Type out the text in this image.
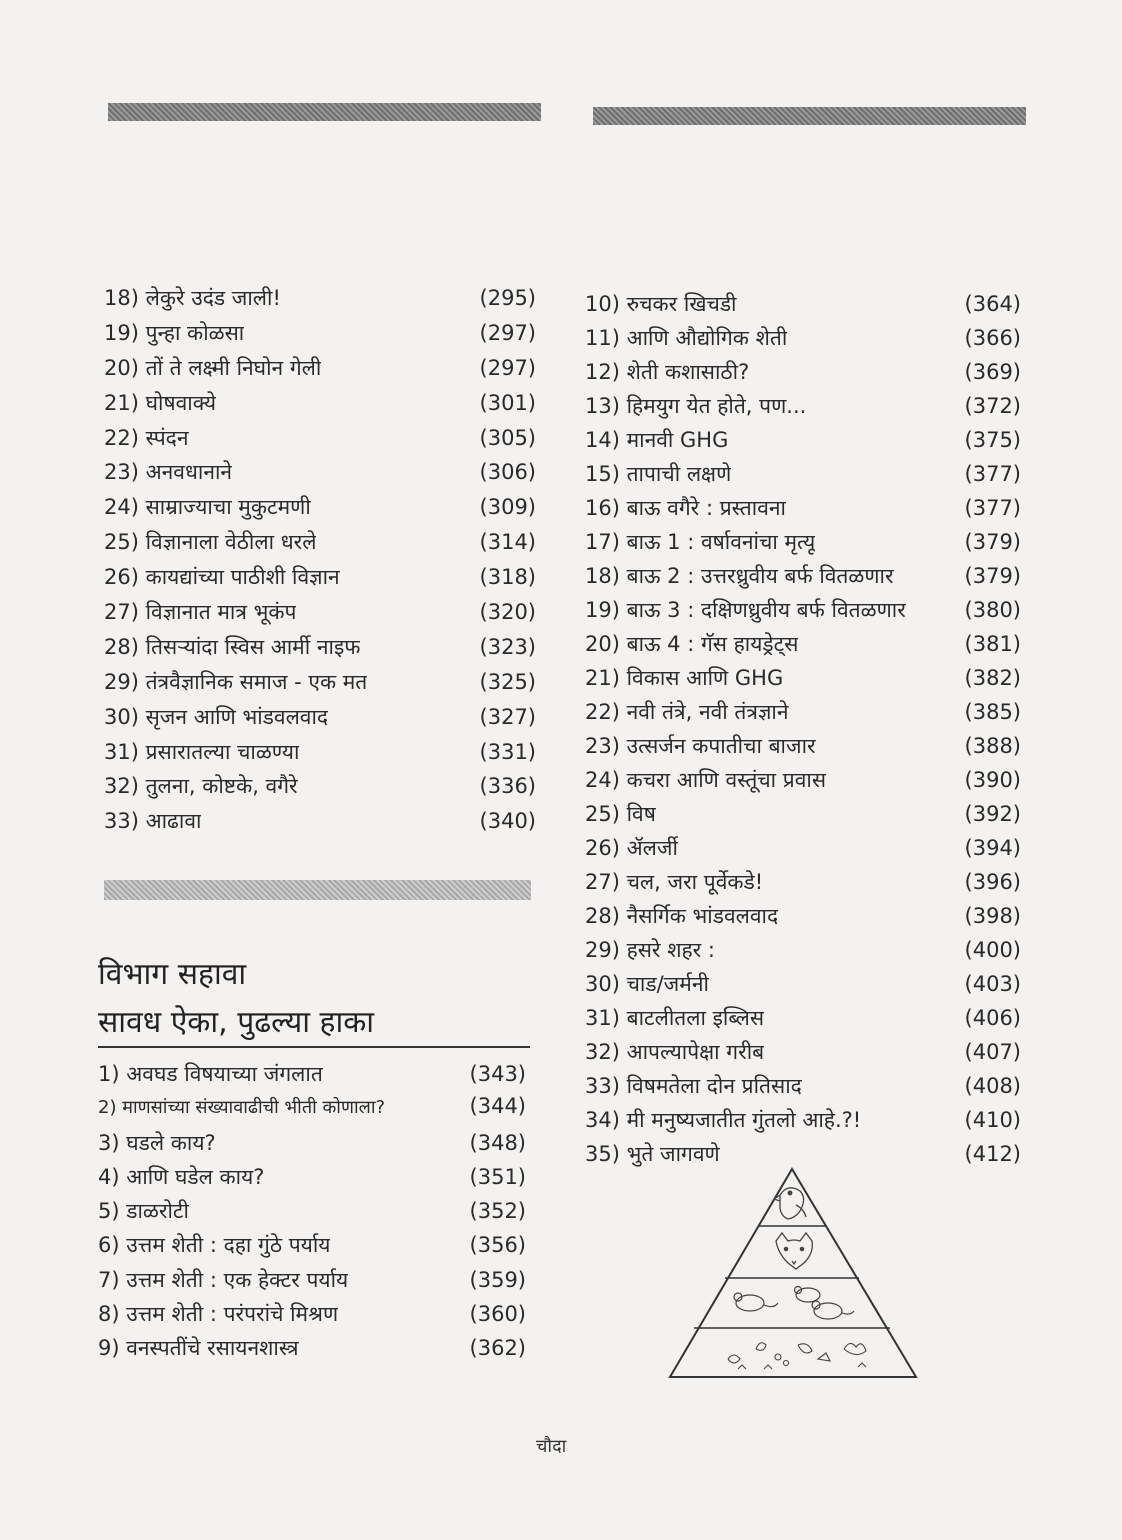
18) लेकुरे उदंड जाली!	(295)
19) पुन्हा कोळसा	(297)
20) तों ते लक्ष्मी निघोन गेली	(297)
21) घोषवाक्ये	(301)
22) स्पंदन	(305)
23) अनवधानाने	(306)
24) साम्राज्याचा मुकुटमणी	(309)
25) विज्ञानाला वेठीला धरले	(314)
26) कायद्यांच्या पाठीशी विज्ञान	(318)
27) विज्ञानात मात्र भूकंप	(320)
28) तिसऱ्यांदा स्विस आर्मी नाइफ	(323)
29) तंत्रवैज्ञानिक समाज - एक मत	(325)
30) सृजन आणि भांडवलवाद	(327)
31) प्रसारातल्या चाळण्या	(331)
32) तुलना, कोष्टके, वगैरे	(336)
33) आढावा	(340)
विभाग सहावा
सावध ऐका, पुढल्या हाका
1) अवघड विषयाच्या जंगलात	(343)
2) माणसांच्या संख्यावाढीची भीती कोणाला?	(344)
3) घडले काय?	(348)
4) आणि घडेल काय?	(351)
5) डाळरोटी	(352)
6) उत्तम शेती : दहा गुंठे पर्याय	(356)
7) उत्तम शेती : एक हेक्टर पर्याय	(359)
8) उत्तम शेती : परंपरांचे मिश्रण	(360)
9) वनस्पतींचे रसायनशास्त्र	(362)
10) रुचकर खिचडी	(364)
11) आणि औद्योगिक शेती	(366)
12) शेती कशासाठी?	(369)
13) हिमयुग येत होते, पण...	(372)
14) मानवी GHG	(375)
15) तापाची लक्षणे	(377)
16) बाऊ वगैरे : प्रस्तावना	(377)
17) बाऊ 1 : वर्षावनांचा मृत्यू	(379)
18) बाऊ 2 : उत्तरध्रुवीय बर्फ वितळणार	(379)
19) बाऊ 3 : दक्षिणध्रुवीय बर्फ वितळणार	(380)
20) बाऊ 4 : गॅस हायड्रेट्स	(381)
21) विकास आणि GHG	(382)
22) नवी तंत्रे, नवी तंत्रज्ञाने	(385)
23) उत्सर्जन कपातीचा बाजार	(388)
24) कचरा आणि वस्तूंचा प्रवास	(390)
25) विष	(392)
26) ॲलर्जी	(394)
27) चल, जरा पूर्वेकडे!	(396)
28) नैसर्गिक भांडवलवाद	(398)
29) हसरे शहर :	(400)
30) चाड/जर्मनी	(403)
31) बाटलीतला इब्लिस	(406)
32) आपल्यापेक्षा गरीब	(407)
33) विषमतेला दोन प्रतिसाद	(408)
34) मी मनुष्यजातीत गुंतलो आहे.?!	(410)
35) भुते जागवणे	(412)
चौदा
